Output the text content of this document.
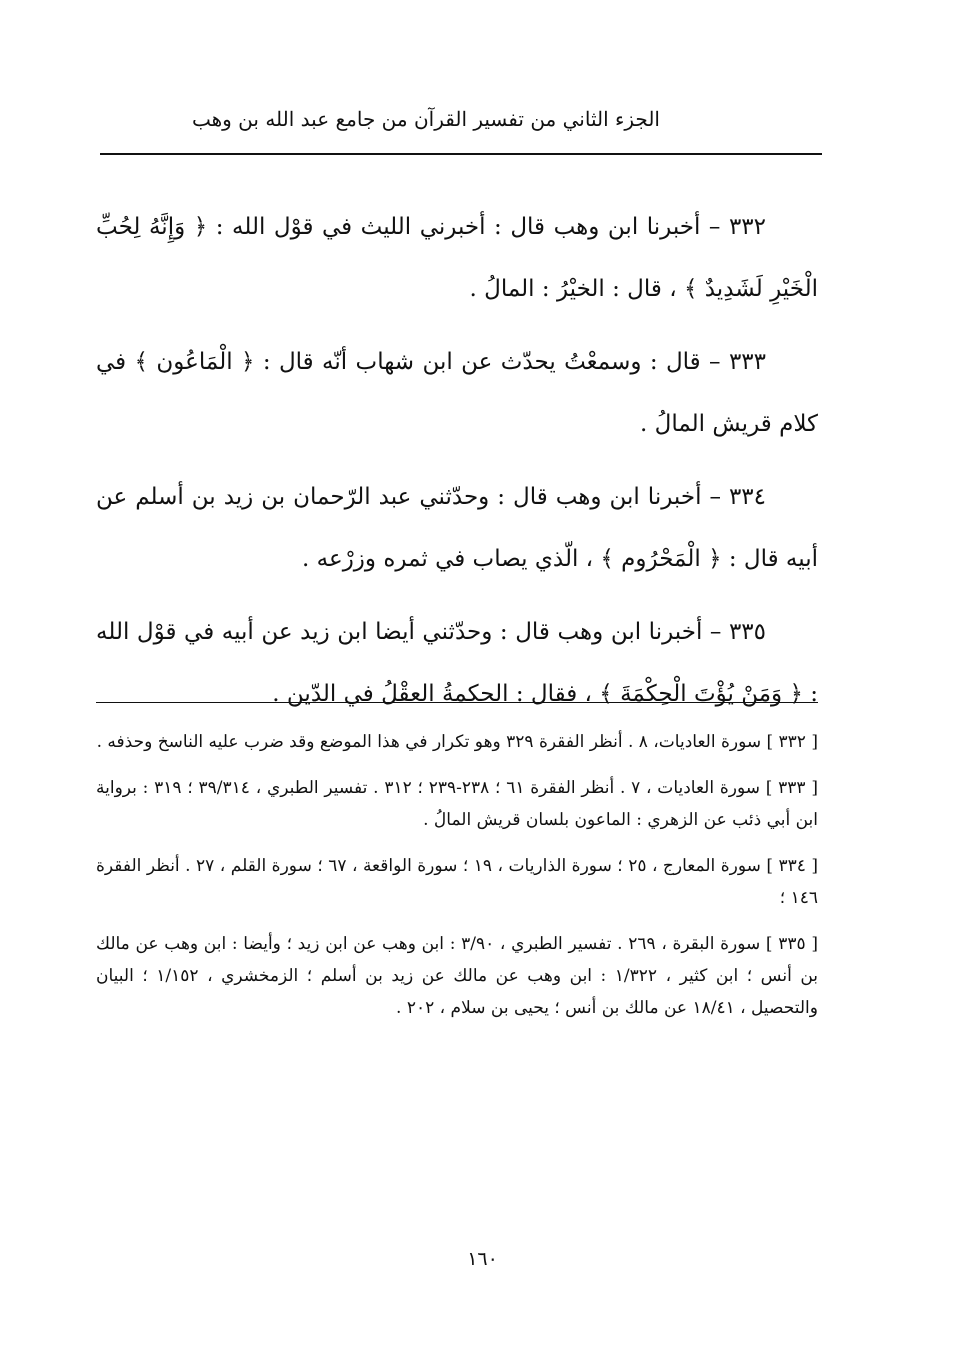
الجزء الثاني من تفسير القرآن من جامع عبد الله بن وهب

٣٣٢ – أخبرنا ابن وهب قال : أخبرني الليث في قوْل الله : ﴿ وَإِنَّهُ لِحُبِّ الْخَيْرِ لَشَدِيدٌ ﴾ ، قال : الخيْرُ : المالُ .

٣٣٣ – قال : وسمعْتُ يحدّث عن ابن شهاب أنّه قال : ﴿ الْمَاعُون ﴾ في كلام قريش المالُ .

٣٣٤ – أخبرنا ابن وهب قال : وحدّثني عبد الرّحمان بن زيد بن أسلم عن أبيه قال : ﴿ الْمَحْرُوم ﴾ ، الّذي يصاب في ثمره وزرْعه .

٣٣٥ – أخبرنا ابن وهب قال : وحدّثني أيضا ابن زيد عن أبيه في قوْل الله : ﴿ وَمَنْ يُؤْتَ الْحِكْمَةَ ﴾ ، فقال : الحكمةُ العقْلُ في الدّين .

[ ٣٣٢ ] سورة العاديات، ٨ . أنظر الفقرة ٣٢٩ وهو تكرار في هذا الموضع وقد ضرب عليه الناسخ وحذفه .

[ ٣٣٣ ] سورة العاديات ، ٧ . أنظر الفقرة ٦١ ؛ ٢٣٨-٢٣٩ ؛ ٣١٢ . تفسير الطبري ، ٣٩/٣١٤ ؛ ٣١٩ : برواية ابن أبي ذئب عن الزهري : الماعون بلسان قريش المالُ .

[ ٣٣٤ ] سورة المعارج ، ٢٥ ؛ سورة الذاريات ، ١٩ ؛ سورة الواقعة ، ٦٧ ؛ سورة القلم ، ٢٧ . أنظر الفقرة ١٤٦ ؛

[ ٣٣٥ ] سورة البقرة ، ٢٦٩ . تفسير الطبري ، ٣/٩٠ : ابن وهب عن ابن زيد ؛ وأيضا : ابن وهب عن مالك بن أنس ؛ ابن كثير ، ١/٣٢٢ : ابن وهب عن مالك عن زيد بن أسلم ؛ الزمخشري ، ١/١٥٢ ؛ البيان والتحصيل ، ١٨/٤١ عن مالك بن أنس ؛ يحيى بن سلام ، ٢٠٢ .

١٦٠
